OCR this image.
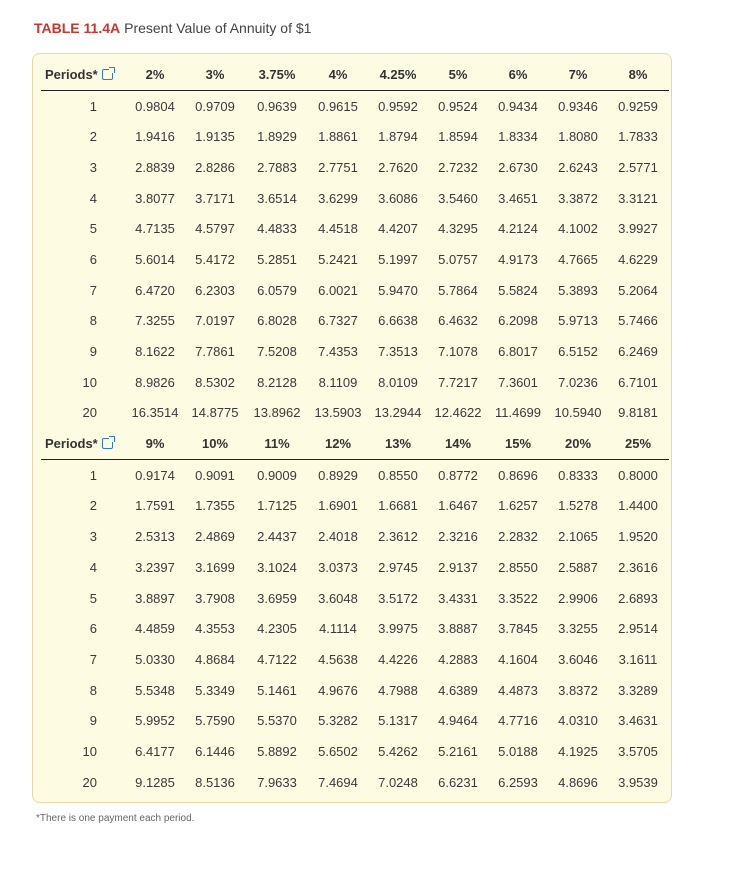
TABLE 11.4A Present Value of Annuity of $1
Periods*	2%	3%	3.75%	4%	4.25%	5%	6%	7%	8%
1	0.9804	0.9709	0.9639	0.9615	0.9592	0.9524	0.9434	0.9346	0.9259
2	1.9416	1.9135	1.8929	1.8861	1.8794	1.8594	1.8334	1.8080	1.7833
3	2.8839	2.8286	2.7883	2.7751	2.7620	2.7232	2.6730	2.6243	2.5771
4	3.8077	3.7171	3.6514	3.6299	3.6086	3.5460	3.4651	3.3872	3.3121
5	4.7135	4.5797	4.4833	4.4518	4.4207	4.3295	4.2124	4.1002	3.9927
6	5.6014	5.4172	5.2851	5.2421	5.1997	5.0757	4.9173	4.7665	4.6229
7	6.4720	6.2303	6.0579	6.0021	5.9470	5.7864	5.5824	5.3893	5.2064
8	7.3255	7.0197	6.8028	6.7327	6.6638	6.4632	6.2098	5.9713	5.7466
9	8.1622	7.7861	7.5208	7.4353	7.3513	7.1078	6.8017	6.5152	6.2469
10	8.9826	8.5302	8.2128	8.1109	8.0109	7.7217	7.3601	7.0236	6.7101
20	16.3514	14.8775	13.8962	13.5903	13.2944	12.4622	11.4699	10.5940	9.8181
Periods*	9%	10%	11%	12%	13%	14%	15%	20%	25%
1	0.9174	0.9091	0.9009	0.8929	0.8550	0.8772	0.8696	0.8333	0.8000
2	1.7591	1.7355	1.7125	1.6901	1.6681	1.6467	1.6257	1.5278	1.4400
3	2.5313	2.4869	2.4437	2.4018	2.3612	2.3216	2.2832	2.1065	1.9520
4	3.2397	3.1699	3.1024	3.0373	2.9745	2.9137	2.8550	2.5887	2.3616
5	3.8897	3.7908	3.6959	3.6048	3.5172	3.4331	3.3522	2.9906	2.6893
6	4.4859	4.3553	4.2305	4.1114	3.9975	3.8887	3.7845	3.3255	2.9514
7	5.0330	4.8684	4.7122	4.5638	4.4226	4.2883	4.1604	3.6046	3.1611
8	5.5348	5.3349	5.1461	4.9676	4.7988	4.6389	4.4873	3.8372	3.3289
9	5.9952	5.7590	5.5370	5.3282	5.1317	4.9464	4.7716	4.0310	3.4631
10	6.4177	6.1446	5.8892	5.6502	5.4262	5.2161	5.0188	4.1925	3.5705
20	9.1285	8.5136	7.9633	7.4694	7.0248	6.6231	6.2593	4.8696	3.9539
*There is one payment each period.
